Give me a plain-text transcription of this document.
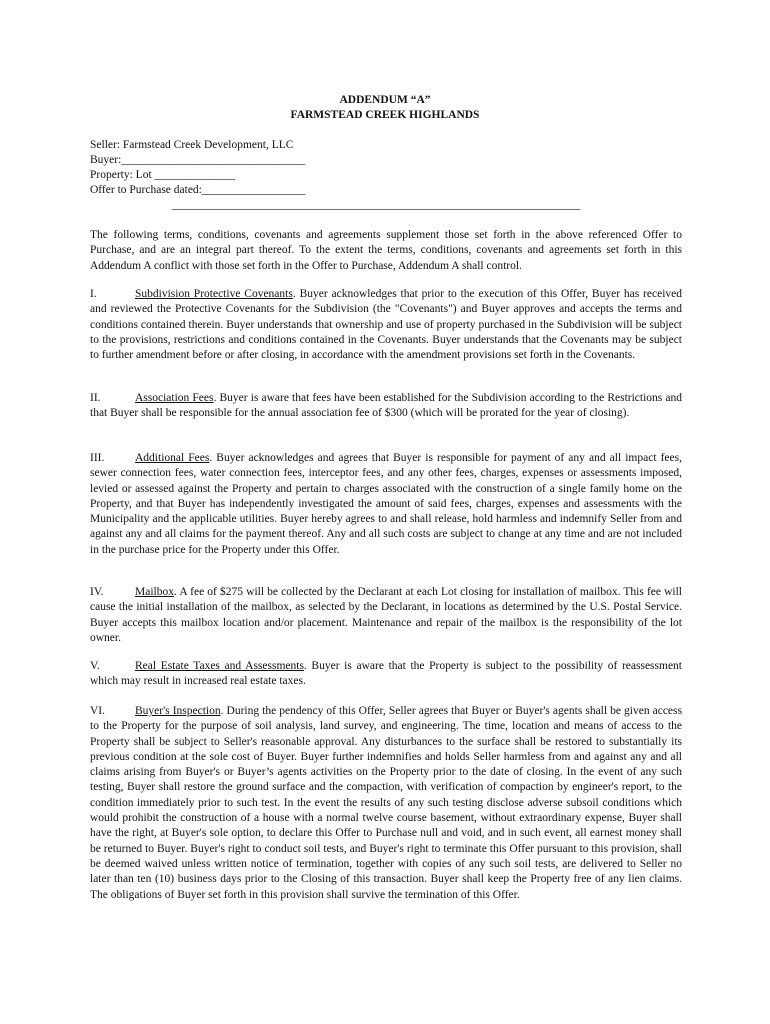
ADDENDUM “A”
FARMSTEAD CREEK HIGHLANDS
Seller: Farmstead Creek Development, LLC
Buyer:________________________________
Property: Lot ______________
Offer to Purchase dated:__________________
_______________________________________________________________________

The following terms, conditions, covenants and agreements supplement those set forth in the above referenced Offer to Purchase, and are an integral part thereof. To the extent the terms, conditions, covenants and agreements set forth in this Addendum A conflict with those set forth in the Offer to Purchase, Addendum A shall control.

I.	Subdivision Protective Covenants. Buyer acknowledges that prior to the execution of this Offer, Buyer has received and reviewed the Protective Covenants for the Subdivision (the "Covenants") and Buyer approves and accepts the terms and conditions contained therein. Buyer understands that ownership and use of property purchased in the Subdivision will be subject to the provisions, restrictions and conditions contained in the Covenants. Buyer understands that the Covenants may be subject to further amendment before or after closing, in accordance with the amendment provisions set forth in the Covenants.

II.	Association Fees. Buyer is aware that fees have been established for the Subdivision according to the Restrictions and that Buyer shall be responsible for the annual association fee of $300 (which will be prorated for the year of closing).

III.	Additional Fees. Buyer acknowledges and agrees that Buyer is responsible for payment of any and all impact fees, sewer connection fees, water connection fees, interceptor fees, and any other fees, charges, expenses or assessments imposed, levied or assessed against the Property and pertain to charges associated with the construction of a single family home on the Property, and that Buyer has independently investigated the amount of said fees, charges, expenses and assessments with the Municipality and the applicable utilities. Buyer hereby agrees to and shall release, hold harmless and indemnify Seller from and against any and all claims for the payment thereof. Any and all such costs are subject to change at any time and are not included in the purchase price for the Property under this Offer.

IV.	Mailbox. A fee of $275 will be collected by the Declarant at each Lot closing for installation of mailbox. This fee will cause the initial installation of the mailbox, as selected by the Declarant, in locations as determined by the U.S. Postal Service. Buyer accepts this mailbox location and/or placement. Maintenance and repair of the mailbox is the responsibility of the lot owner.

V.	Real Estate Taxes and Assessments. Buyer is aware that the Property is subject to the possibility of reassessment which may result in increased real estate taxes.

VI.	Buyer's Inspection. During the pendency of this Offer, Seller agrees that Buyer or Buyer's agents shall be given access to the Property for the purpose of soil analysis, land survey, and engineering. The time, location and means of access to the Property shall be subject to Seller's reasonable approval. Any disturbances to the surface shall be restored to substantially its previous condition at the sole cost of Buyer. Buyer further indemnifies and holds Seller harmless from and against any and all claims arising from Buyer's or Buyer’s agents activities on the Property prior to the date of closing. In the event of any such testing, Buyer shall restore the ground surface and the compaction, with verification of compaction by engineer's report, to the condition immediately prior to such test. In the event the results of any such testing disclose adverse subsoil conditions which would prohibit the construction of a house with a normal twelve course basement, without extraordinary expense, Buyer shall have the right, at Buyer's sole option, to declare this Offer to Purchase null and void, and in such event, all earnest money shall be returned to Buyer. Buyer's right to conduct soil tests, and Buyer's right to terminate this Offer pursuant to this provision, shall be deemed waived unless written notice of termination, together with copies of any such soil tests, are delivered to Seller no later than ten (10) business days prior to the Closing of this transaction. Buyer shall keep the Property free of any lien claims. The obligations of Buyer set forth in this provision shall survive the termination of this Offer.
